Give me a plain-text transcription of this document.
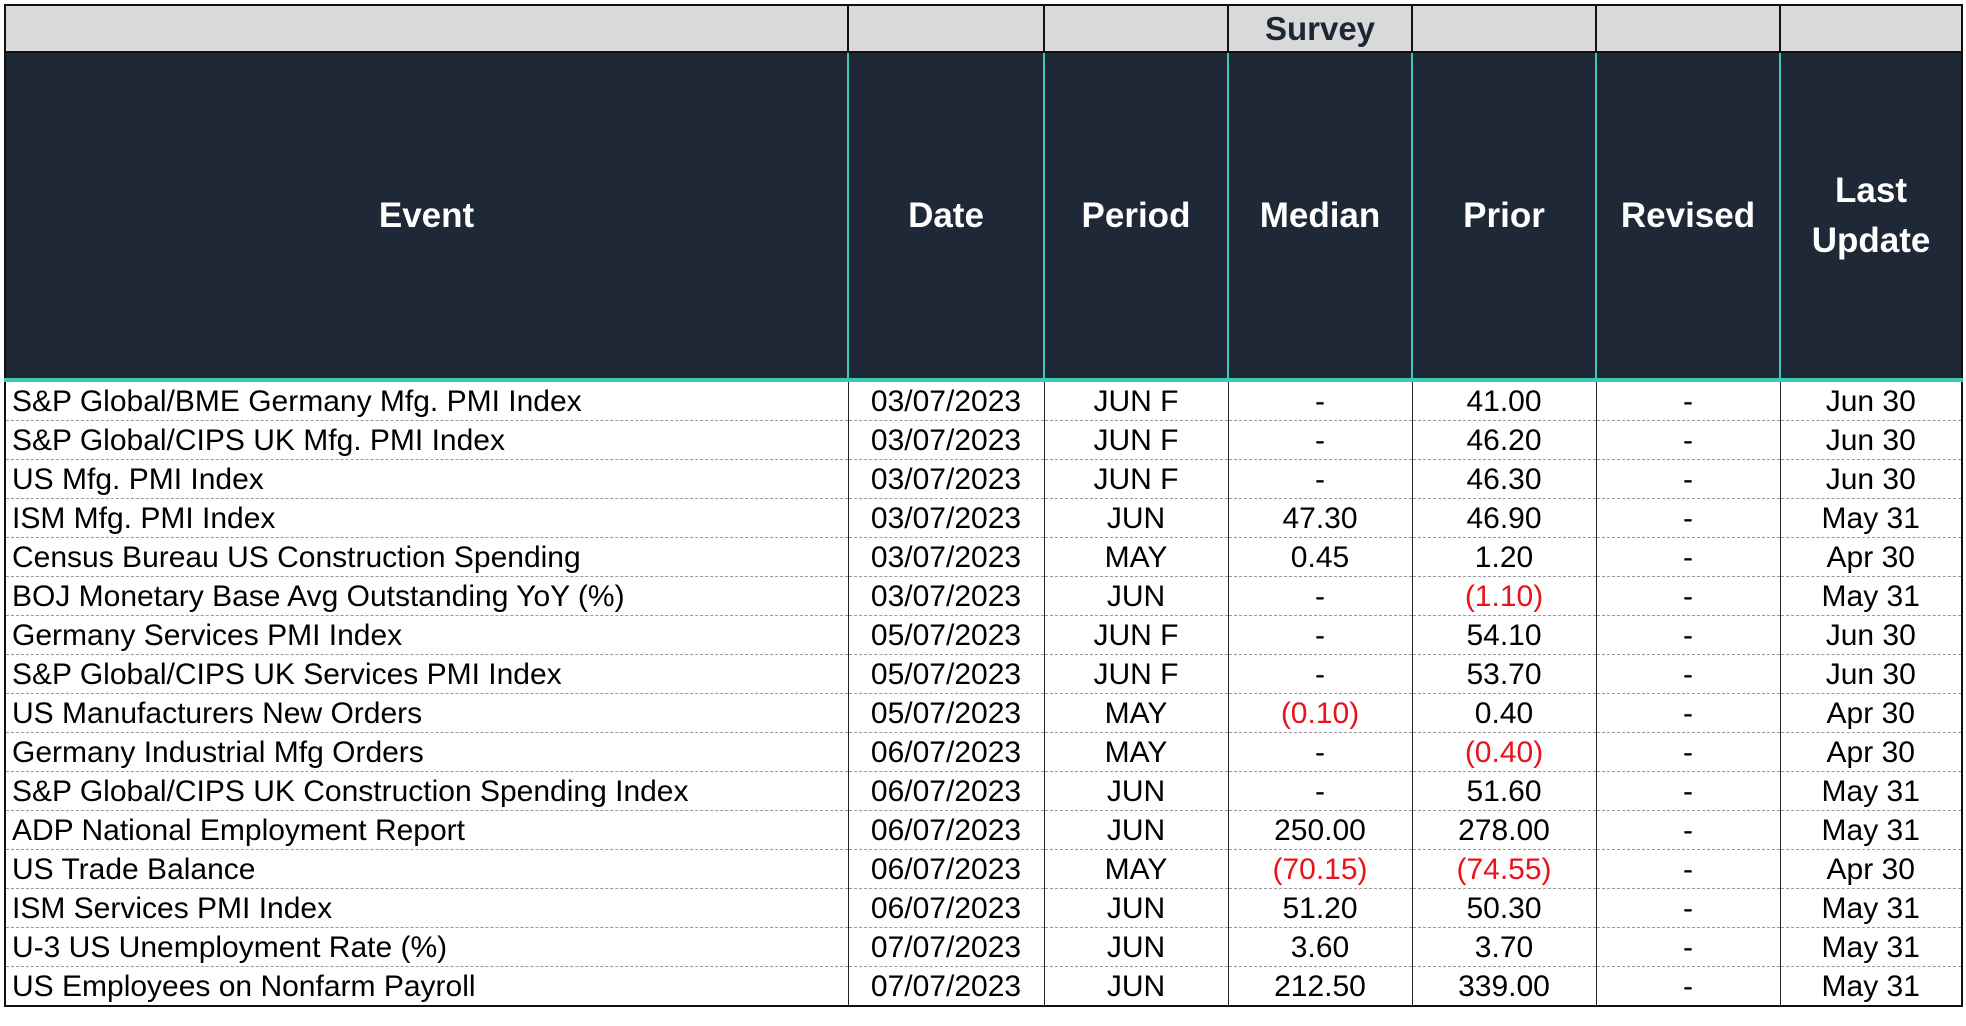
			Survey			
Event	Date	Period	Median	Prior	Revised	Last
Update
S&P Global/BME Germany Mfg. PMI Index	03/07/2023	JUN F	-	41.00	-	Jun 30
S&P Global/CIPS UK Mfg. PMI Index	03/07/2023	JUN F	-	46.20	-	Jun 30
US Mfg. PMI Index	03/07/2023	JUN F	-	46.30	-	Jun 30
ISM Mfg. PMI Index	03/07/2023	JUN	47.30	46.90	-	May 31
Census Bureau US Construction Spending	03/07/2023	MAY	0.45	1.20	-	Apr 30
BOJ Monetary Base Avg Outstanding YoY (%)	03/07/2023	JUN	-	(1.10)	-	May 31
Germany Services PMI Index	05/07/2023	JUN F	-	54.10	-	Jun 30
S&P Global/CIPS UK Services PMI Index	05/07/2023	JUN F	-	53.70	-	Jun 30
US Manufacturers New Orders	05/07/2023	MAY	(0.10)	0.40	-	Apr 30
Germany Industrial Mfg Orders	06/07/2023	MAY	-	(0.40)	-	Apr 30
S&P Global/CIPS UK Construction Spending Index	06/07/2023	JUN	-	51.60	-	May 31
ADP National Employment Report	06/07/2023	JUN	250.00	278.00	-	May 31
US Trade Balance	06/07/2023	MAY	(70.15)	(74.55)	-	Apr 30
ISM Services PMI Index	06/07/2023	JUN	51.20	50.30	-	May 31
U-3 US Unemployment Rate (%)	07/07/2023	JUN	3.60	3.70	-	May 31
US Employees on Nonfarm Payroll	07/07/2023	JUN	212.50	339.00	-	May 31
